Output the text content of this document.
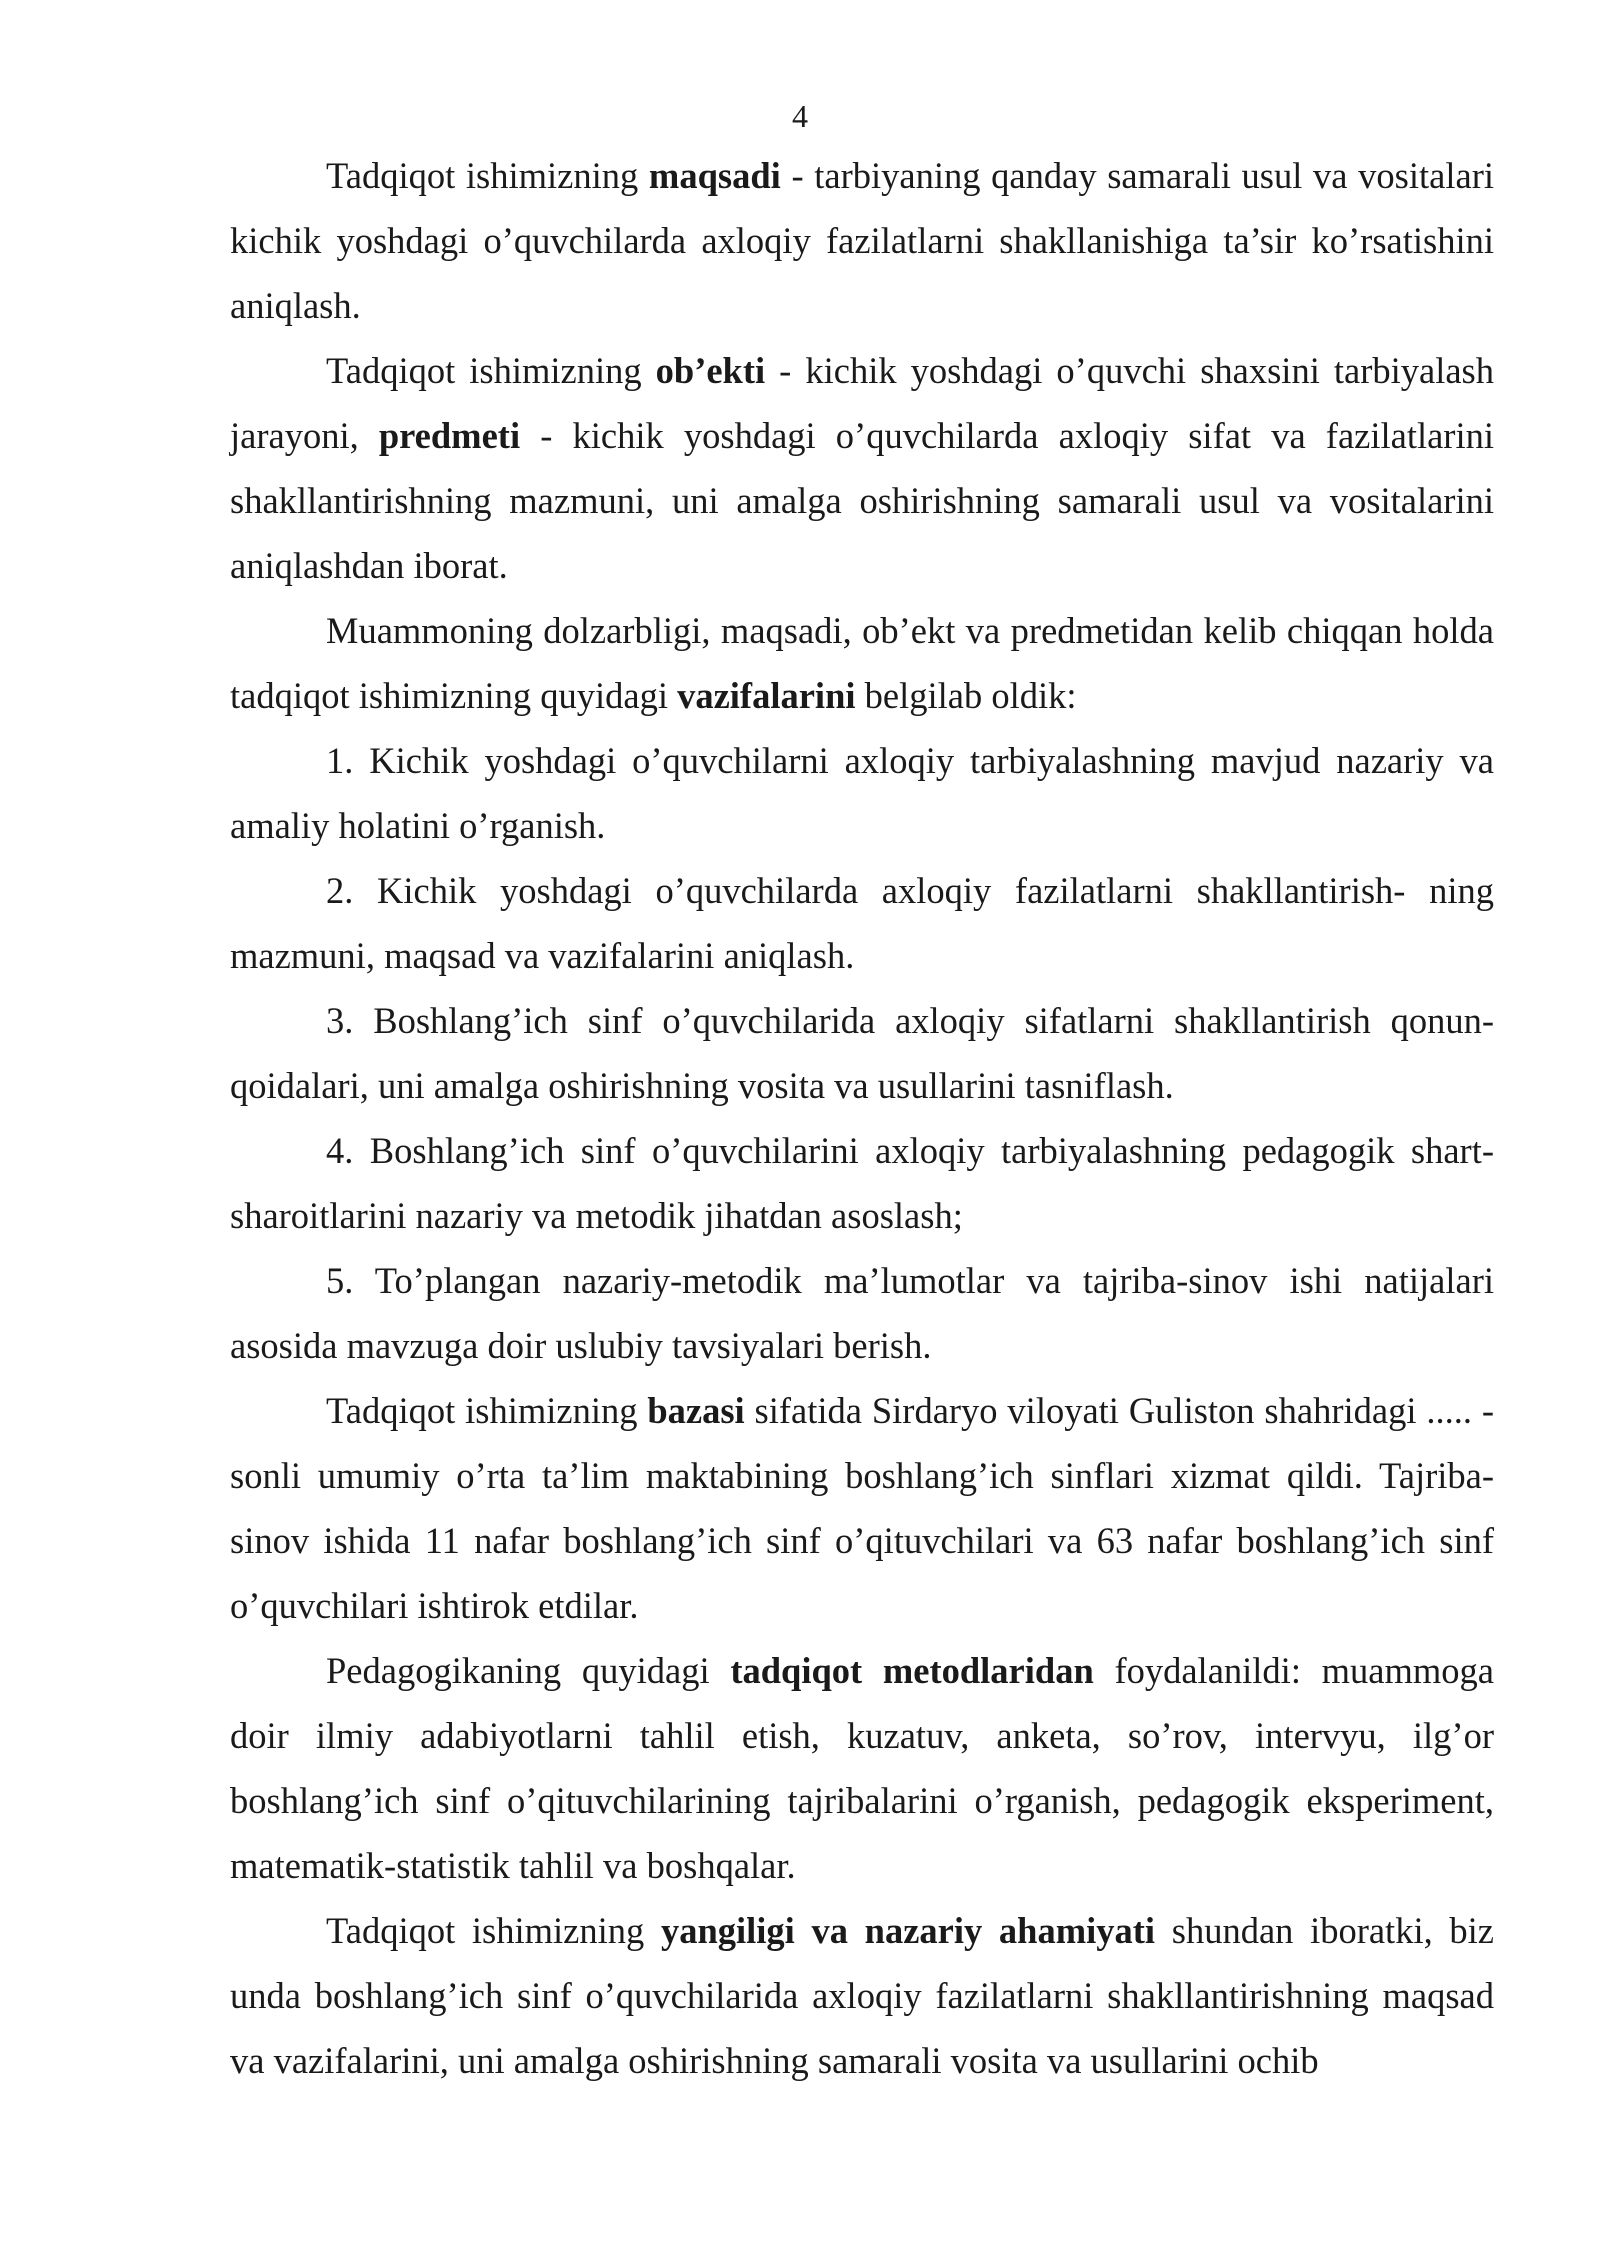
4

Tadqiqot ishimizning maqsadi - tarbiyaning qanday samarali usul va vositalari kichik yoshdagi o’quvchilarda axloqiy fazilatlarni shakllanishiga ta’sir ko’rsatishini aniqlash.

Tadqiqot ishimizning ob’ekti - kichik yoshdagi o’quvchi shaxsini tarbiyalash jarayoni, predmeti - kichik yoshdagi o’quvchilarda axloqiy sifat va fazilatlarini shakllantirishning mazmuni, uni amalga oshirishning samarali usul va vositalarini aniqlashdan iborat.

Muammoning dolzarbligi, maqsadi, ob’ekt va predmetidan kelib chiqqan holda tadqiqot ishimizning quyidagi vazifalarini belgilab oldik:

1. Kichik yoshdagi o’quvchilarni axloqiy tarbiyalashning mavjud nazariy va amaliy holatini o’rganish.

2. Kichik yoshdagi o’quvchilarda axloqiy fazilatlarni shakllantirish- ning mazmuni, maqsad va vazifalarini aniqlash.

3. Boshlang’ich sinf o’quvchilarida axloqiy sifatlarni shakllantirish qonun-qoidalari, uni amalga oshirishning vosita va usullarini tasniflash.

4. Boshlang’ich sinf o’quvchilarini axloqiy tarbiyalashning pedagogik shart-sharoitlarini nazariy va metodik jihatdan asoslash;

5. To’plangan nazariy-metodik ma’lumotlar va tajriba-sinov ishi natijalari asosida mavzuga doir uslubiy tavsiyalari berish.

Tadqiqot ishimizning bazasi sifatida Sirdaryo viloyati Guliston shahridagi ..... -sonli umumiy o’rta ta’lim maktabining boshlang’ich sinflari xizmat qildi. Tajriba-sinov ishida 11 nafar boshlang’ich sinf o’qituvchilari va 63 nafar boshlang’ich sinf o’quvchilari ishtirok etdilar.

Pedagogikaning quyidagi tadqiqot metodlaridan foydalanildi: muammoga doir ilmiy adabiyotlarni tahlil etish, kuzatuv, anketa, so’rov, intervyu, ilg’or boshlang’ich sinf o’qituvchilarining tajribalarini o’rganish, pedagogik eksperiment, matematik-statistik tahlil va boshqalar.

Tadqiqot ishimizning yangiligi va nazariy ahamiyati shundan iboratki, biz unda boshlang’ich sinf o’quvchilarida axloqiy fazilatlarni shakllantirishning maqsad va vazifalarini, uni amalga oshirishning samarali vosita va usullarini ochib
